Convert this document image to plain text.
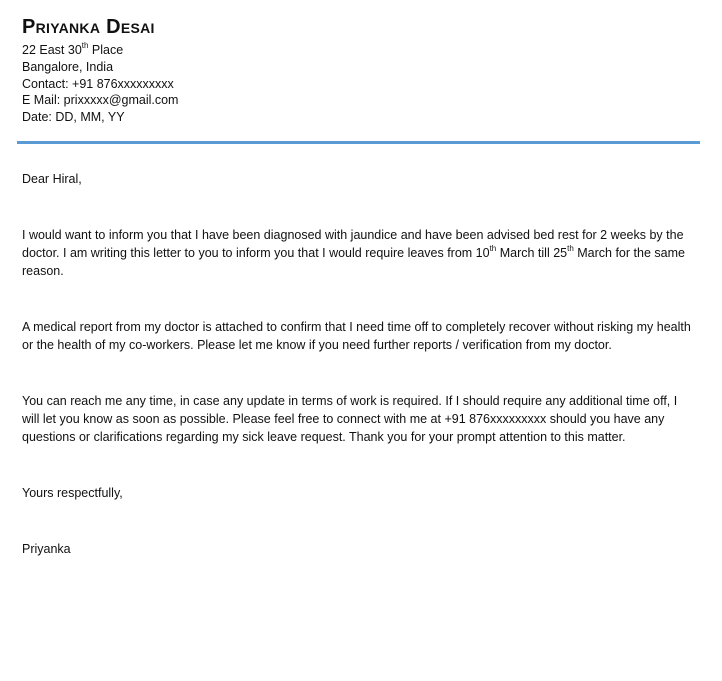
Priyanka Desai
22 East 30th Place
Bangalore, India
Contact: +91 876xxxxxxxxx
E Mail: prixxxxx@gmail.com
Date: DD, MM, YY

Dear Hiral,

I would want to inform you that I have been diagnosed with jaundice and have been advised bed rest for 2 weeks by the doctor. I am writing this letter to you to inform you that I would require leaves from 10th March till 25th March for the same reason.

A medical report from my doctor is attached to confirm that I need time off to completely recover without risking my health or the health of my co-workers. Please let me know if you need further reports / verification from my doctor.

You can reach me any time, in case any update in terms of work is required. If I should require any additional time off, I will let you know as soon as possible. Please feel free to connect with me at +91 876xxxxxxxxx should you have any questions or clarifications regarding my sick leave request. Thank you for your prompt attention to this matter.

Yours respectfully,

Priyanka
